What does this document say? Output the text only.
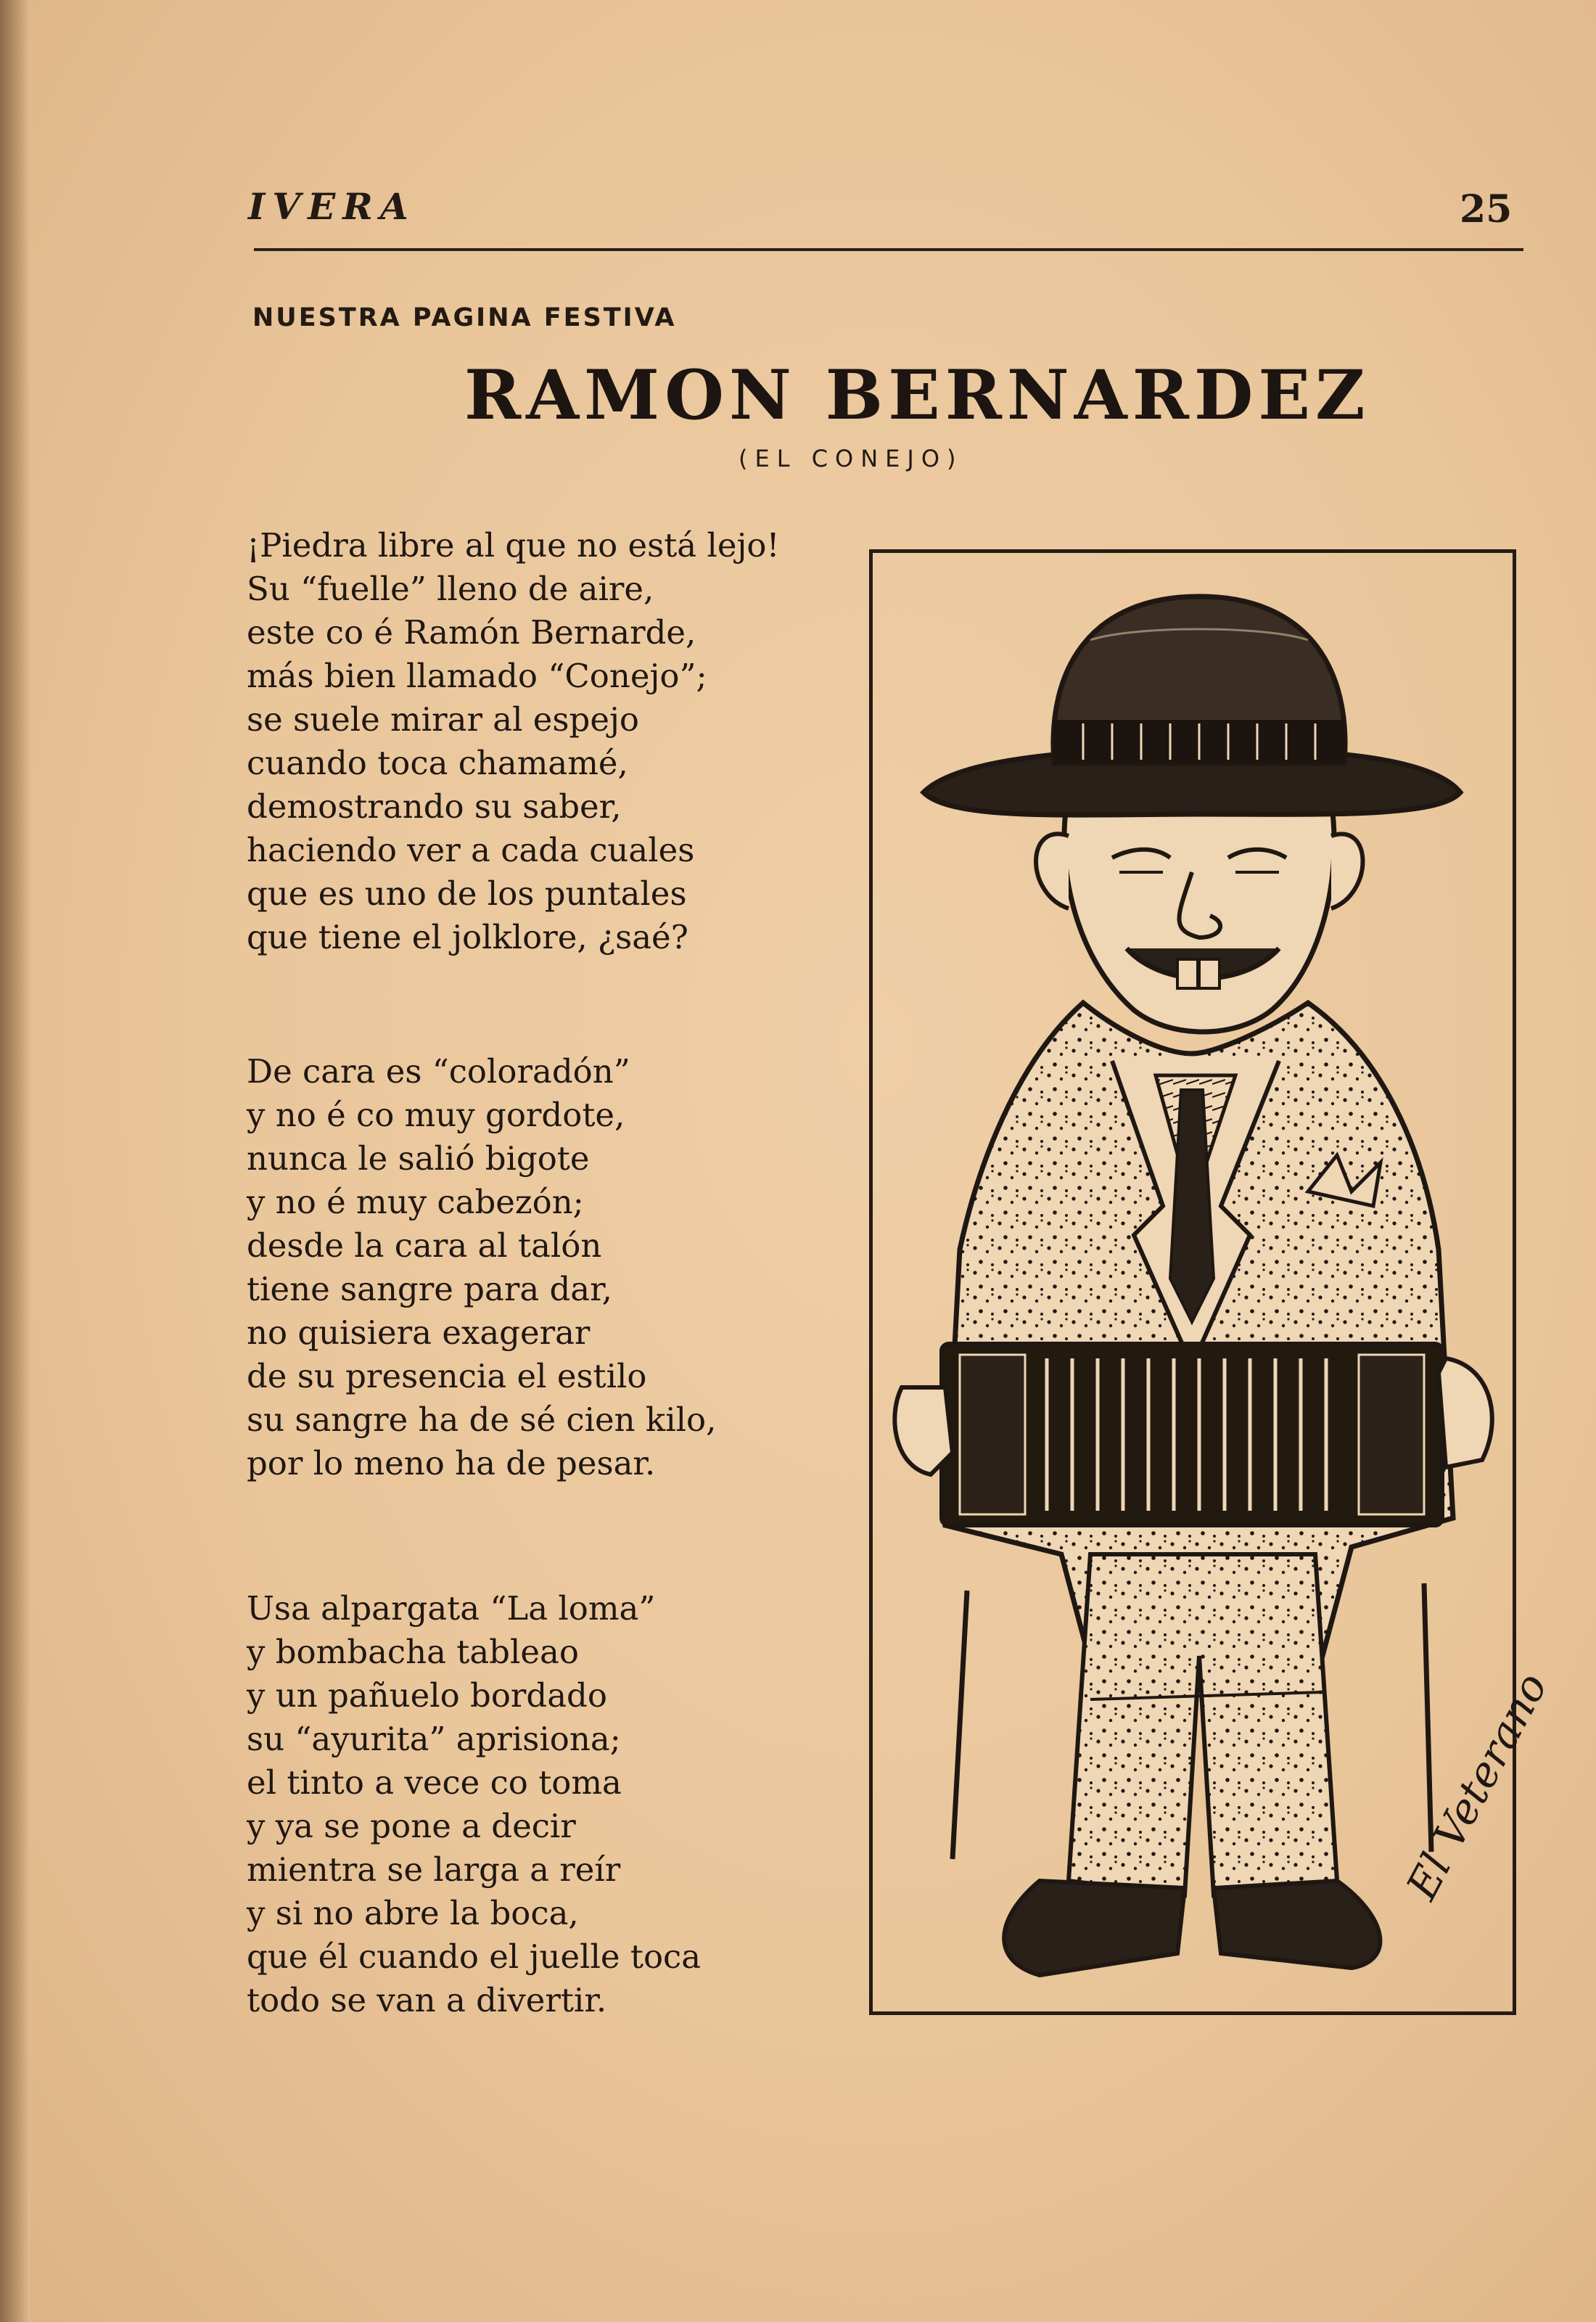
IVERA	25
NUESTRA PAGINA FESTIVA
RAMON BERNARDEZ
(EL CONEJO)
¡Piedra libre al que no está lejo!
Su “fuelle” lleno de aire,
este co é Ramón Bernarde,
más bien llamado “Conejo”;
se suele mirar al espejo
cuando toca chamamé,
demostrando su saber,
haciendo ver a cada cuales
que es uno de los puntales
que tiene el jolklore, ¿saé?
De cara es “coloradón”
y no é co muy gordote,
nunca le salió bigote
y no é muy cabezón;
desde la cara al talón
tiene sangre para dar,
no quisiera exagerar
de su presencia el estilo
su sangre ha de sé cien kilo,
por lo meno ha de pesar.
Usa alpargata “La loma”
y bombacha tableao
y un pañuelo bordado
su “ayurita” aprisiona;
el tinto a vece co toma
y ya se pone a decir
mientra se larga a reír
y si no abre la boca,
que él cuando el juelle toca
todo se van a divertir.
El Veterano
